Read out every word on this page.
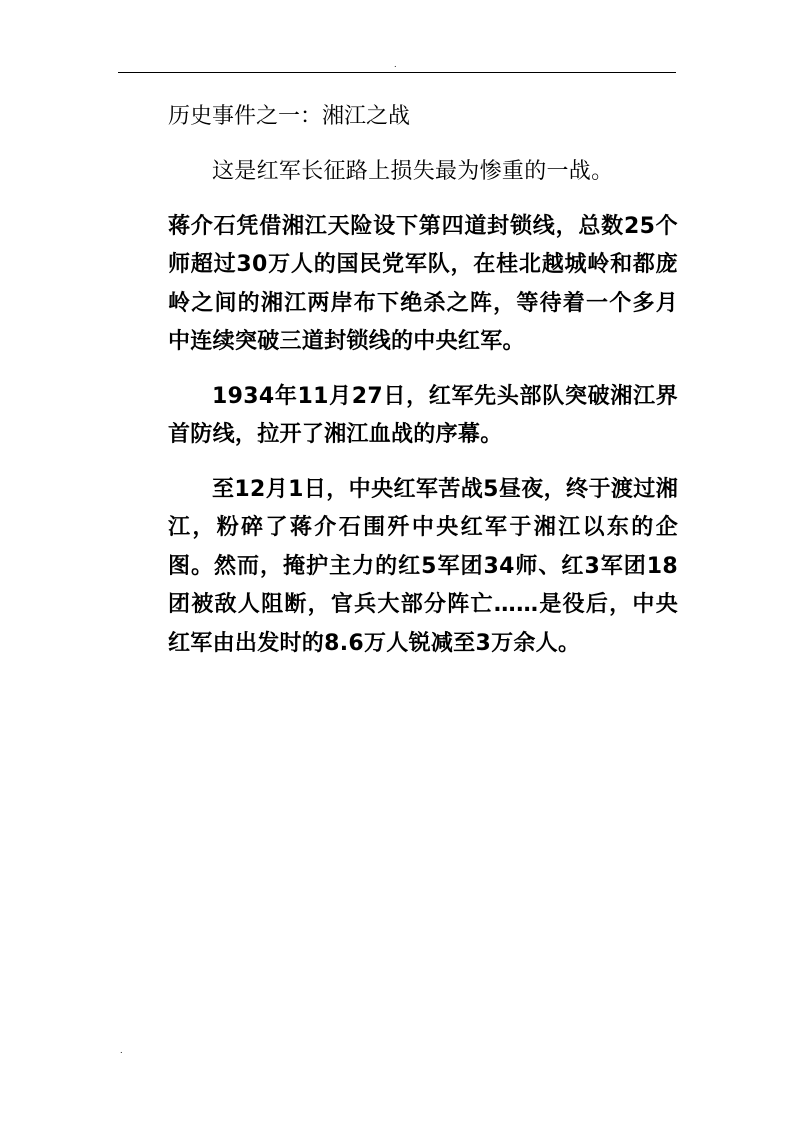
.
历史事件之一：湘江之战

这是红军长征路上损失最为惨重的一战。

蒋介石凭借湘江天险设下第四道封锁线，总数25个师超过30万人的国民党军队，在桂北越城岭和都庞岭之间的湘江两岸布下绝杀之阵，等待着一个多月中连续突破三道封锁线的中央红军。

1934年11月27日，红军先头部队突破湘江界首防线，拉开了湘江血战的序幕。

至12月1日，中央红军苦战5昼夜，终于渡过湘江，粉碎了蒋介石围歼中央红军于湘江以东的企图。然而，掩护主力的红5军团34师、红3军团18团被敌人阻断，官兵大部分阵亡……是役后，中央红军由出发时的8.6万人锐减至3万余人。

.
